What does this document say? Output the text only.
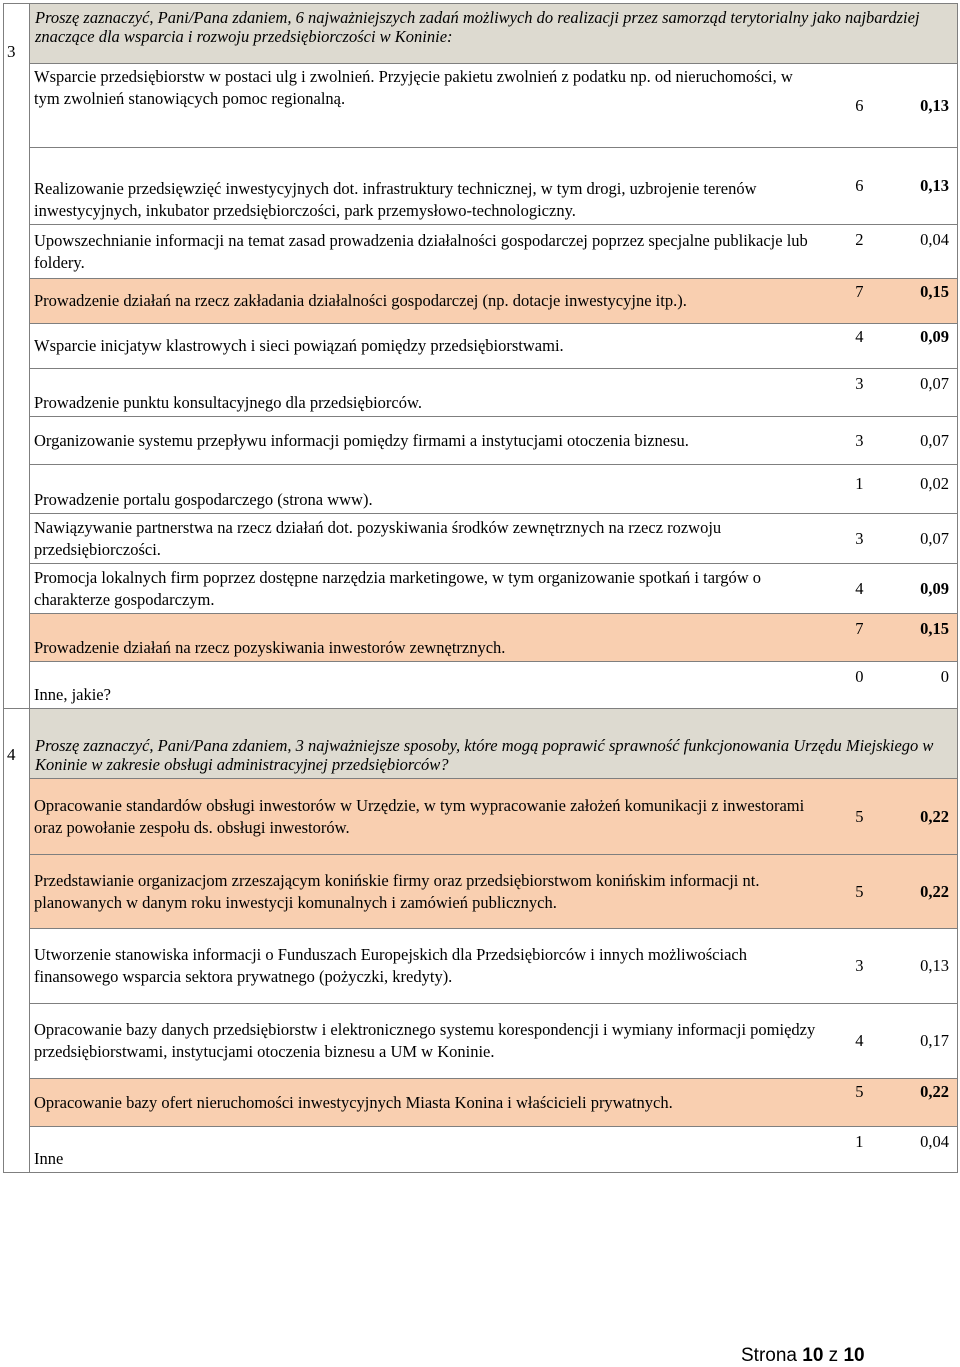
3	Proszę zaznaczyć, Pani/Pana zdaniem, 6 najważniejszych zadań możliwych do realizacji przez samorząd terytorialny jako najbardziej znaczące dla wsparcia i rozwoju przedsiębiorczości w Koninie:		
	Wsparcie przedsiębiorstw w postaci ulg i zwolnień. Przyjęcie pakietu zwolnień z podatku np. od nieruchomości, w tym zwolnień stanowiących pomoc regionalną.	6	0,13
	Realizowanie przedsięwzięć inwestycyjnych dot. infrastruktury technicznej, w tym drogi, uzbrojenie terenów inwestycyjnych, inkubator przedsiębiorczości, park przemysłowo-technologiczny.	6	0,13
	Upowszechnianie informacji na temat zasad prowadzenia działalności gospodarczej poprzez specjalne publikacje lub foldery.	2	0,04
	Prowadzenie działań na rzecz zakładania działalności gospodarczej (np. dotacje inwestycyjne itp.).	7	0,15
	Wsparcie inicjatyw klastrowych i sieci powiązań pomiędzy przedsiębiorstwami.	4	0,09
	Prowadzenie punktu konsultacyjnego dla przedsiębiorców.	3	0,07
	Organizowanie systemu przepływu informacji pomiędzy firmami a instytucjami otoczenia biznesu.	3	0,07
	Prowadzenie portalu gospodarczego (strona www).	1	0,02
	Nawiązywanie partnerstwa na rzecz działań dot. pozyskiwania środków zewnętrznych na rzecz rozwoju przedsiębiorczości.	3	0,07
	Promocja lokalnych firm poprzez dostępne narzędzia marketingowe, w tym organizowanie spotkań i targów o charakterze gospodarczym.	4	0,09
	Prowadzenie działań na rzecz pozyskiwania inwestorów zewnętrznych.	7	0,15
	Inne, jakie?	0	0
4	Proszę zaznaczyć, Pani/Pana zdaniem, 3 najważniejsze sposoby, które mogą poprawić sprawność funkcjonowania Urzędu Miejskiego w Koninie w zakresie obsługi administracyjnej przedsiębiorców?		
	Opracowanie standardów obsługi inwestorów w Urzędzie, w tym wypracowanie założeń komunikacji z inwestorami oraz powołanie zespołu ds. obsługi inwestorów.	5	0,22
	Przedstawianie organizacjom zrzeszającym konińskie firmy oraz przedsiębiorstwom konińskim informacji nt. planowanych w danym roku inwestycji komunalnych i zamówień publicznych.	5	0,22
	Utworzenie stanowiska informacji o Funduszach Europejskich dla Przedsiębiorców i innych możliwościach finansowego wsparcia sektora prywatnego (pożyczki, kredyty).	3	0,13
	Opracowanie bazy danych przedsiębiorstw i elektronicznego systemu korespondencji i wymiany informacji pomiędzy przedsiębiorstwami, instytucjami otoczenia biznesu a UM w Koninie.	4	0,17
	Opracowanie bazy ofert nieruchomości inwestycyjnych Miasta Konina i właścicieli prywatnych.	5	0,22
	Inne	1	0,04
Strona 10 z 10
